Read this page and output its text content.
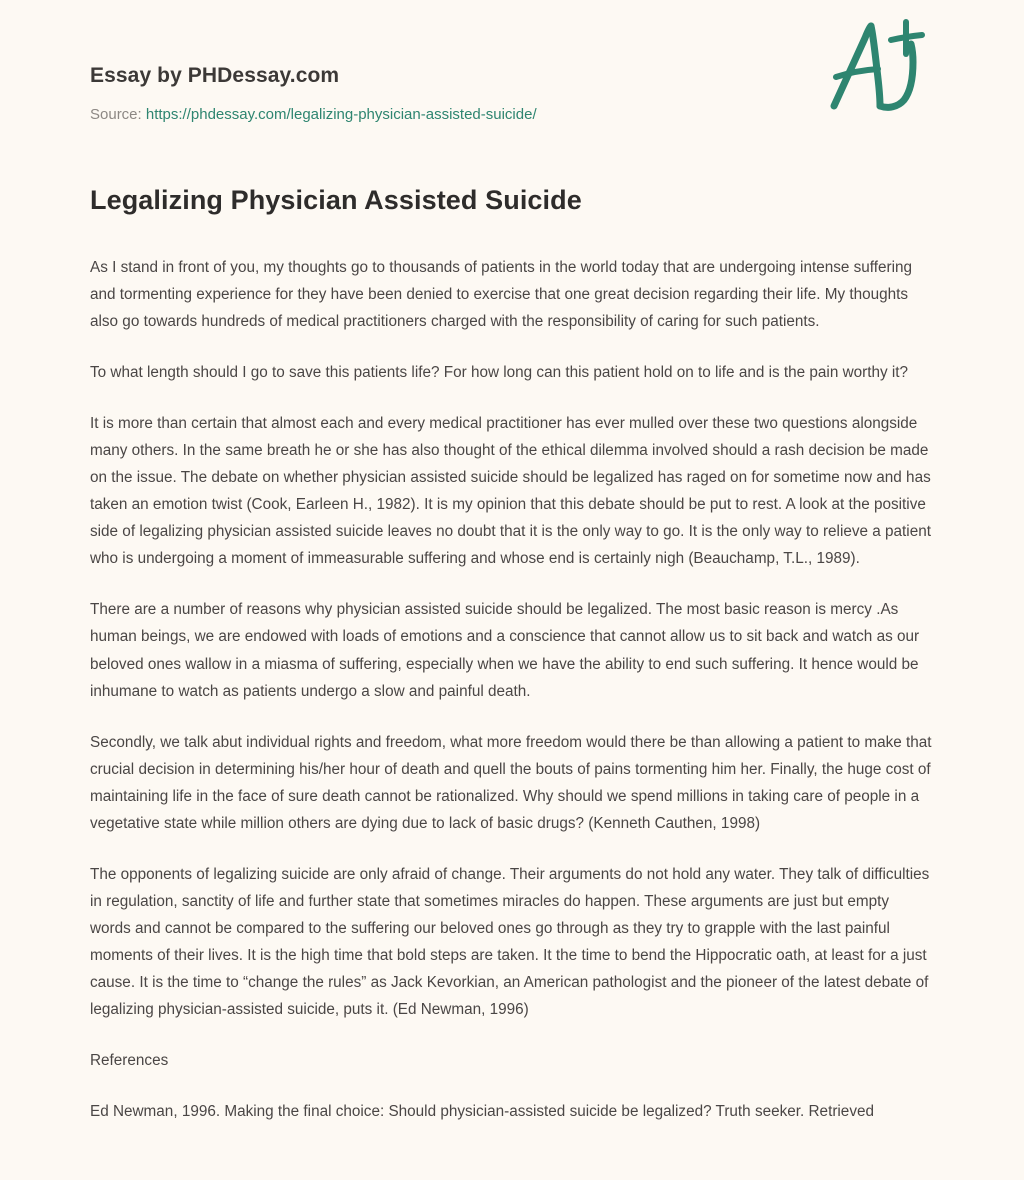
Essay by PHDessay.com
Source: https://phdessay.com/legalizing-physician-assisted-suicide/
Legalizing Physician Assisted Suicide

As I stand in front of you, my thoughts go to thousands of patients in the world today that are undergoing intense suffering and tormenting experience for they have been denied to exercise that one great decision regarding their life. My thoughts also go towards hundreds of medical practitioners charged with the responsibility of caring for such patients.

To what length should I go to save this patients life? For how long can this patient hold on to life and is the pain worthy it?

It is more than certain that almost each and every medical practitioner has ever mulled over these two questions alongside many others. In the same breath he or she has also thought of the ethical dilemma involved should a rash decision be made on the issue. The debate on whether physician assisted suicide should be legalized has raged on for sometime now and has taken an emotion twist (Cook, Earleen H., 1982). It is my opinion that this debate should be put to rest. A look at the positive side of legalizing physician assisted suicide leaves no doubt that it is the only way to go. It is the only way to relieve a patient who is undergoing a moment of immeasurable suffering and whose end is certainly nigh (Beauchamp, T.L., 1989).

There are a number of reasons why physician assisted suicide should be legalized. The most basic reason is mercy .As human beings, we are endowed with loads of emotions and a conscience that cannot allow us to sit back and watch as our beloved ones wallow in a miasma of suffering, especially when we have the ability to end such suffering. It hence would be inhumane to watch as patients undergo a slow and painful death.

Secondly, we talk abut individual rights and freedom, what more freedom would there be than allowing a patient to make that crucial decision in determining his/her hour of death and quell the bouts of pains tormenting him her. Finally, the huge cost of maintaining life in the face of sure death cannot be rationalized. Why should we spend millions in taking care of people in a vegetative state while million others are dying due to lack of basic drugs? (Kenneth Cauthen, 1998)

The opponents of legalizing suicide are only afraid of change. Their arguments do not hold any water. They talk of difficulties in regulation, sanctity of life and further state that sometimes miracles do happen. These arguments are just but empty words and cannot be compared to the suffering our beloved ones go through as they try to grapple with the last painful moments of their lives. It is the high time that bold steps are taken. It the time to bend the Hippocratic oath, at least for a just cause. It is the time to “change the rules” as Jack Kevorkian, an American pathologist and the pioneer of the latest debate of legalizing physician-assisted suicide, puts it. (Ed Newman, 1996)

References

Ed Newman, 1996. Making the final choice: Should physician-assisted suicide be legalized? Truth seeker. Retrieved
